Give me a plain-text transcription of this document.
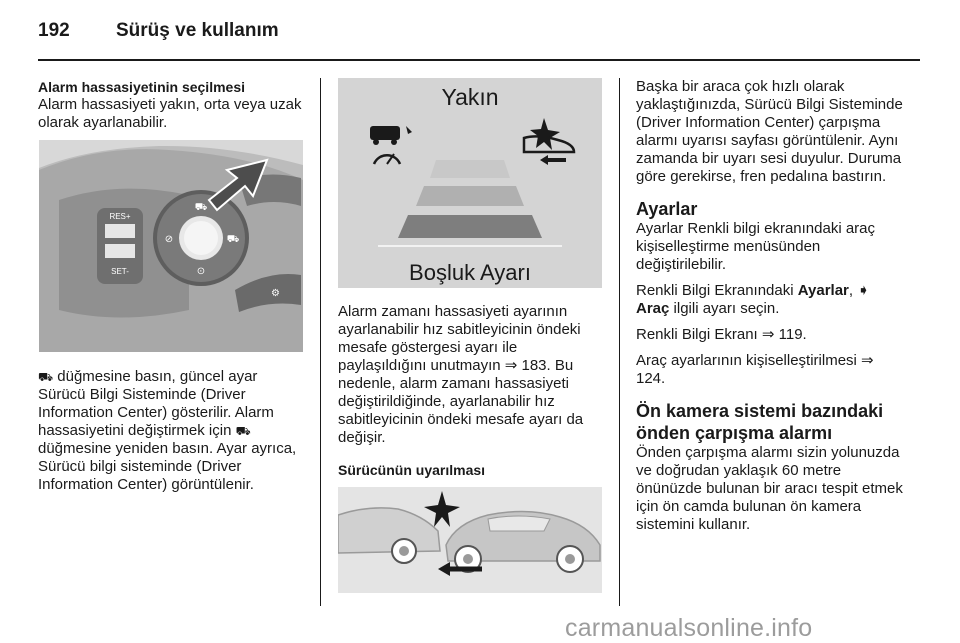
192 Sürüş ve kullanım

Alarm hassasiyetinin seçilmesi

Alarm hassasiyeti yakın, orta veya uzak olarak ayarlanabilir.

RES+
SET-
⛟
⊘	⛟
⊙
⚙

⛟ düğmesine basın, güncel ayar Sürücü Bilgi Sisteminde (Driver Information Center) gösterilir. Alarm hassasiyetini değiştirmek için ⛟ düğmesine yeniden basın. Ayar ayrıca, Sürücü bilgi sisteminde (Driver Information Center) görüntülenir.

Yakın
Boşluk Ayarı

Alarm zamanı hassasiyeti ayarının ayarlanabilir hız sabitleyicinin öndeki mesafe göstergesi ayarı ile paylaşıldığını unutmayın ⇒ 183. Bu nedenle, alarm zamanı hassasiyeti değiştirildiğinde, ayarlanabilir hız sabitleyicinin öndeki mesafe ayarı da değişir.

Sürücünün uyarılması

Başka bir araca çok hızlı olarak yaklaştığınızda, Sürücü Bilgi Sisteminde (Driver Information Center) çarpışma alarmı uyarısı sayfası görüntülenir. Aynı zamanda bir uyarı sesi duyulur. Duruma göre gerekirse, fren pedalına bastırın.

Ayarlar

Ayarlar Renkli bilgi ekranındaki araç kişiselleştirme menüsünden değiştirilebilir.

Renkli Bilgi Ekranındaki Ayarlar, ➧ Araç ilgili ayarı seçin.

Renkli Bilgi Ekranı ⇒ 119.

Araç ayarlarının kişiselleştirilmesi ⇒ 124.

Ön kamera sistemi bazındaki önden çarpışma alarmı

Önden çarpışma alarmı sizin yolunuzda ve doğrudan yaklaşık 60 metre önünüzde bulunan bir aracı tespit etmek için ön camda bulunan ön kamera sistemini kullanır.

carmanualsonline.info
